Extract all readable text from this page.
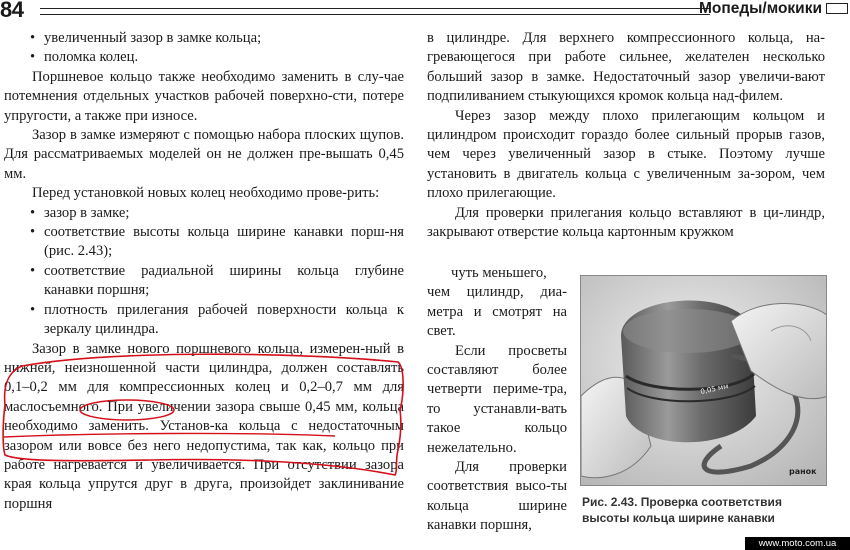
84	Мопеды/мокики

• увеличенный зазор в замке кольца;

• поломка колец.

Поршневое кольцо также необходимо заменить в слу-чае потемнения отдельных участков рабочей поверхно-сти, потере упругости, а также при износе.

Зазор в замке измеряют с помощью набора плоских щупов. Для рассматриваемых моделей он не должен пре-вышать 0,45 мм.

Перед установкой новых колец необходимо прове-рить:

• зазор в замке;

• соответствие высоты кольца ширине канавки порш-ня (рис. 2.43);

• соответствие радиальной ширины кольца глубине канавки поршня;

• плотность прилегания рабочей поверхности кольца к зеркалу цилиндра.

Зазор в замке нового поршневого кольца, измерен-ный в нижней, неизношенной части цилиндра, должен составлять 0,1–0,2 мм для компрессионных колец и 0,2–0,7 мм для маслосъемного. При увеличении зазора свыше 0,45 мм, кольца необходимо заменить. Установ-ка кольца с недостаточным зазором или вовсе без него недопустима, так как, кольцо при работе нагревается и увеличивается. При отсутствии зазора края кольца упрутся друг в друга, произойдет заклинивание поршня

в цилиндре. Для верхнего компрессионного кольца, на-гревающегося при работе сильнее, желателен несколько больший зазор в замке. Недостаточный зазор увеличи-вают подпиливанием стыкующихся кромок кольца над-филем.

Через зазор между плохо прилегающим кольцом и цилиндром происходит гораздо более сильный прорыв газов, чем через увеличенный зазор в стыке. Поэтому лучше установить в двигатель кольца с увеличенным за-зором, чем плохо прилегающие.

Для проверки прилегания кольцо вставляют в ци-линдр, закрывают отверстие кольца картонным кружком

чуть меньшего,

чем цилиндр, диа-метра и смотрят на свет.

Если просветы составляют более четверти периме-тра, то устанавли-вать такое кольцо нежелательно.

Для проверки соответствия высо-ты кольца ширине канавки поршня,

0,05 мм
ранок
Рис. 2.43. Проверка соответствия высоты кольца ширине канавки
www.moto.com.ua
